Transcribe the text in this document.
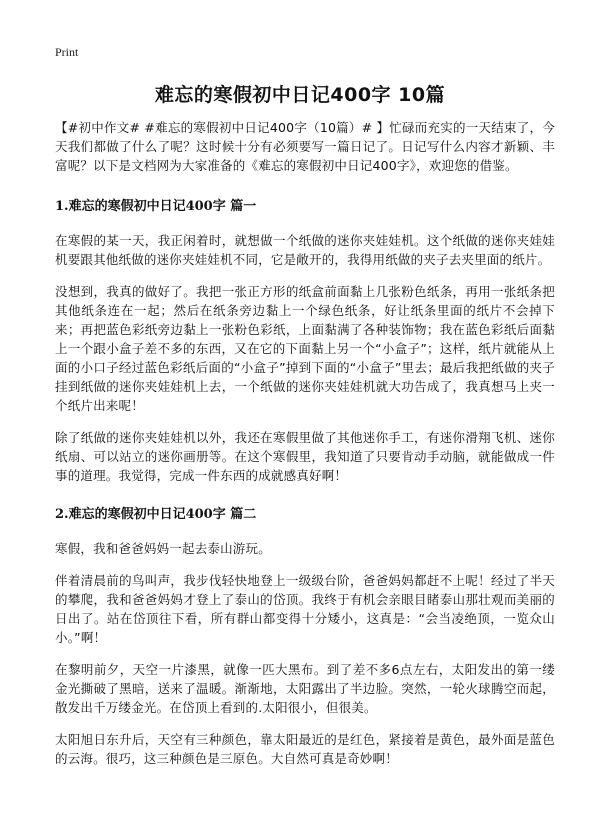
Print
难忘的寒假初中日记400字 10篇

【#初中作文# #难忘的寒假初中日记400字（10篇）# 】忙碌而充实的一天结束了，今天我们都做了什么了呢？这时候十分有必须要写一篇日记了。日记写什么内容才新颖、丰富呢？以下是文档网为大家准备的《难忘的寒假初中日记400字》，欢迎您的借鉴。

1.难忘的寒假初中日记400字 篇一

在寒假的某一天，我正闲着时，就想做一个纸做的迷你夹娃娃机。这个纸做的迷你夹娃娃机要跟其他纸做的迷你夹娃娃机不同，它是敞开的，我得用纸做的夹子去夹里面的纸片。

没想到，我真的做好了。我把一张正方形的纸盒前面黏上几张粉色纸条，再用一张纸条把其他纸条连在一起；然后在纸条旁边黏上一个绿色纸条，好让纸条里面的纸片不会掉下来；再把蓝色彩纸旁边黏上一张粉色彩纸，上面黏满了各种装饰物；我在蓝色彩纸后面黏上一个跟小盒子差不多的东西，又在它的下面黏上另一个“小盒子”；这样，纸片就能从上面的小口子经过蓝色彩纸后面的“小盒子”掉到下面的“小盒子”里去；最后我把纸做的夹子挂到纸做的迷你夹娃娃机上去，一个纸做的迷你夹娃娃机就大功告成了，我真想马上夹一个纸片出来呢！

除了纸做的迷你夹娃娃机以外，我还在寒假里做了其他迷你手工，有迷你滑翔飞机、迷你纸扇、可以站立的迷你画册等。在这个寒假里，我知道了只要肯动手动脑，就能做成一件事的道理。我觉得，完成一件东西的成就感真好啊！

2.难忘的寒假初中日记400字 篇二

寒假，我和爸爸妈妈一起去泰山游玩。

伴着清晨前的鸟叫声，我步伐轻快地登上一级级台阶，爸爸妈妈都赶不上呢！经过了半天的攀爬，我和爸爸妈妈才登上了泰山的岱顶。我终于有机会亲眼目睹泰山那壮观而美丽的日出了。站在岱顶往下看，所有群山都变得十分矮小，这真是：“会当凌绝顶，一览众山小。”啊！

在黎明前夕，天空一片漆黑，就像一匹大黑布。到了差不多6点左右，太阳发出的第一缕金光撕破了黑暗，送来了温暖。渐渐地，太阳露出了半边脸。突然，一轮火球腾空而起，散发出千万缕金光。在岱顶上看到的.太阳很小，但很美。

太阳旭日东升后，天空有三种颜色，靠太阳最近的是红色，紧接着是黄色，最外面是蓝色的云海。很巧，这三种颜色是三原色。大自然可真是奇妙啊！
